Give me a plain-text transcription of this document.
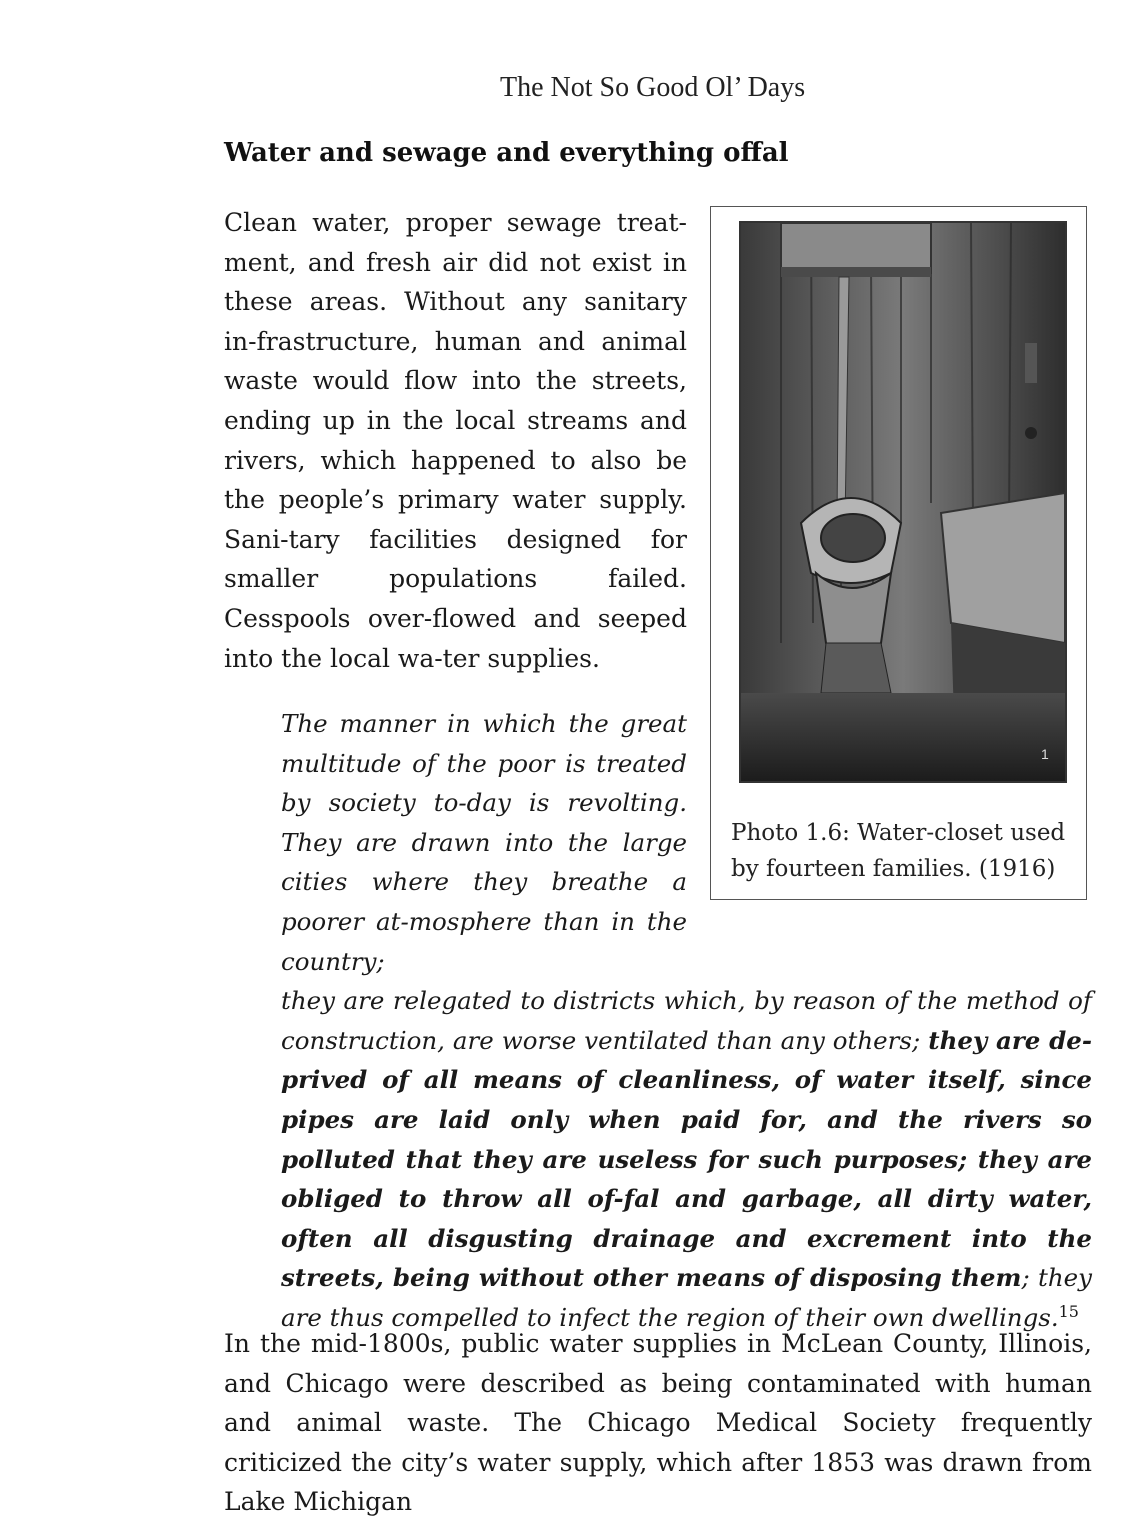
The Not So Good Ol’ Days
Water and sewage and everything offal

Clean water, proper sewage treat-ment, and fresh air did not exist in these areas. Without any sanitary in-frastructure, human and animal waste would flow into the streets, ending up in the local streams and rivers, which happened to also be the people’s primary water supply. Sani-tary facilities designed for smaller populations failed. Cesspools over-flowed and seeped into the local wa-ter supplies.

1

Photo 1.6: Water-closet used by fourteen families. (1916)

The manner in which the great multitude of the poor is treated by society to-day is revolting. They are drawn into the large cities where they breathe a poorer at-mosphere than in the country;
they are relegated to districts which, by reason of the method of construction, are worse ventilated than any others; they are de-prived of all means of cleanliness, of water itself, since pipes are laid only when paid for, and the rivers so polluted that they are useless for such purposes; they are obliged to throw all of-fal and garbage, all dirty water, often all disgusting drainage and excrement into the streets, being without other means of disposing them; they are thus compelled to infect the region of their own dwellings.$^{15}$

In the mid-1800s, public water supplies in McLean County, Illinois, and Chicago were described as being contaminated with human and animal waste. The Chicago Medical Society frequently criticized the city’s water supply, which after 1853 was drawn from Lake Michigan
